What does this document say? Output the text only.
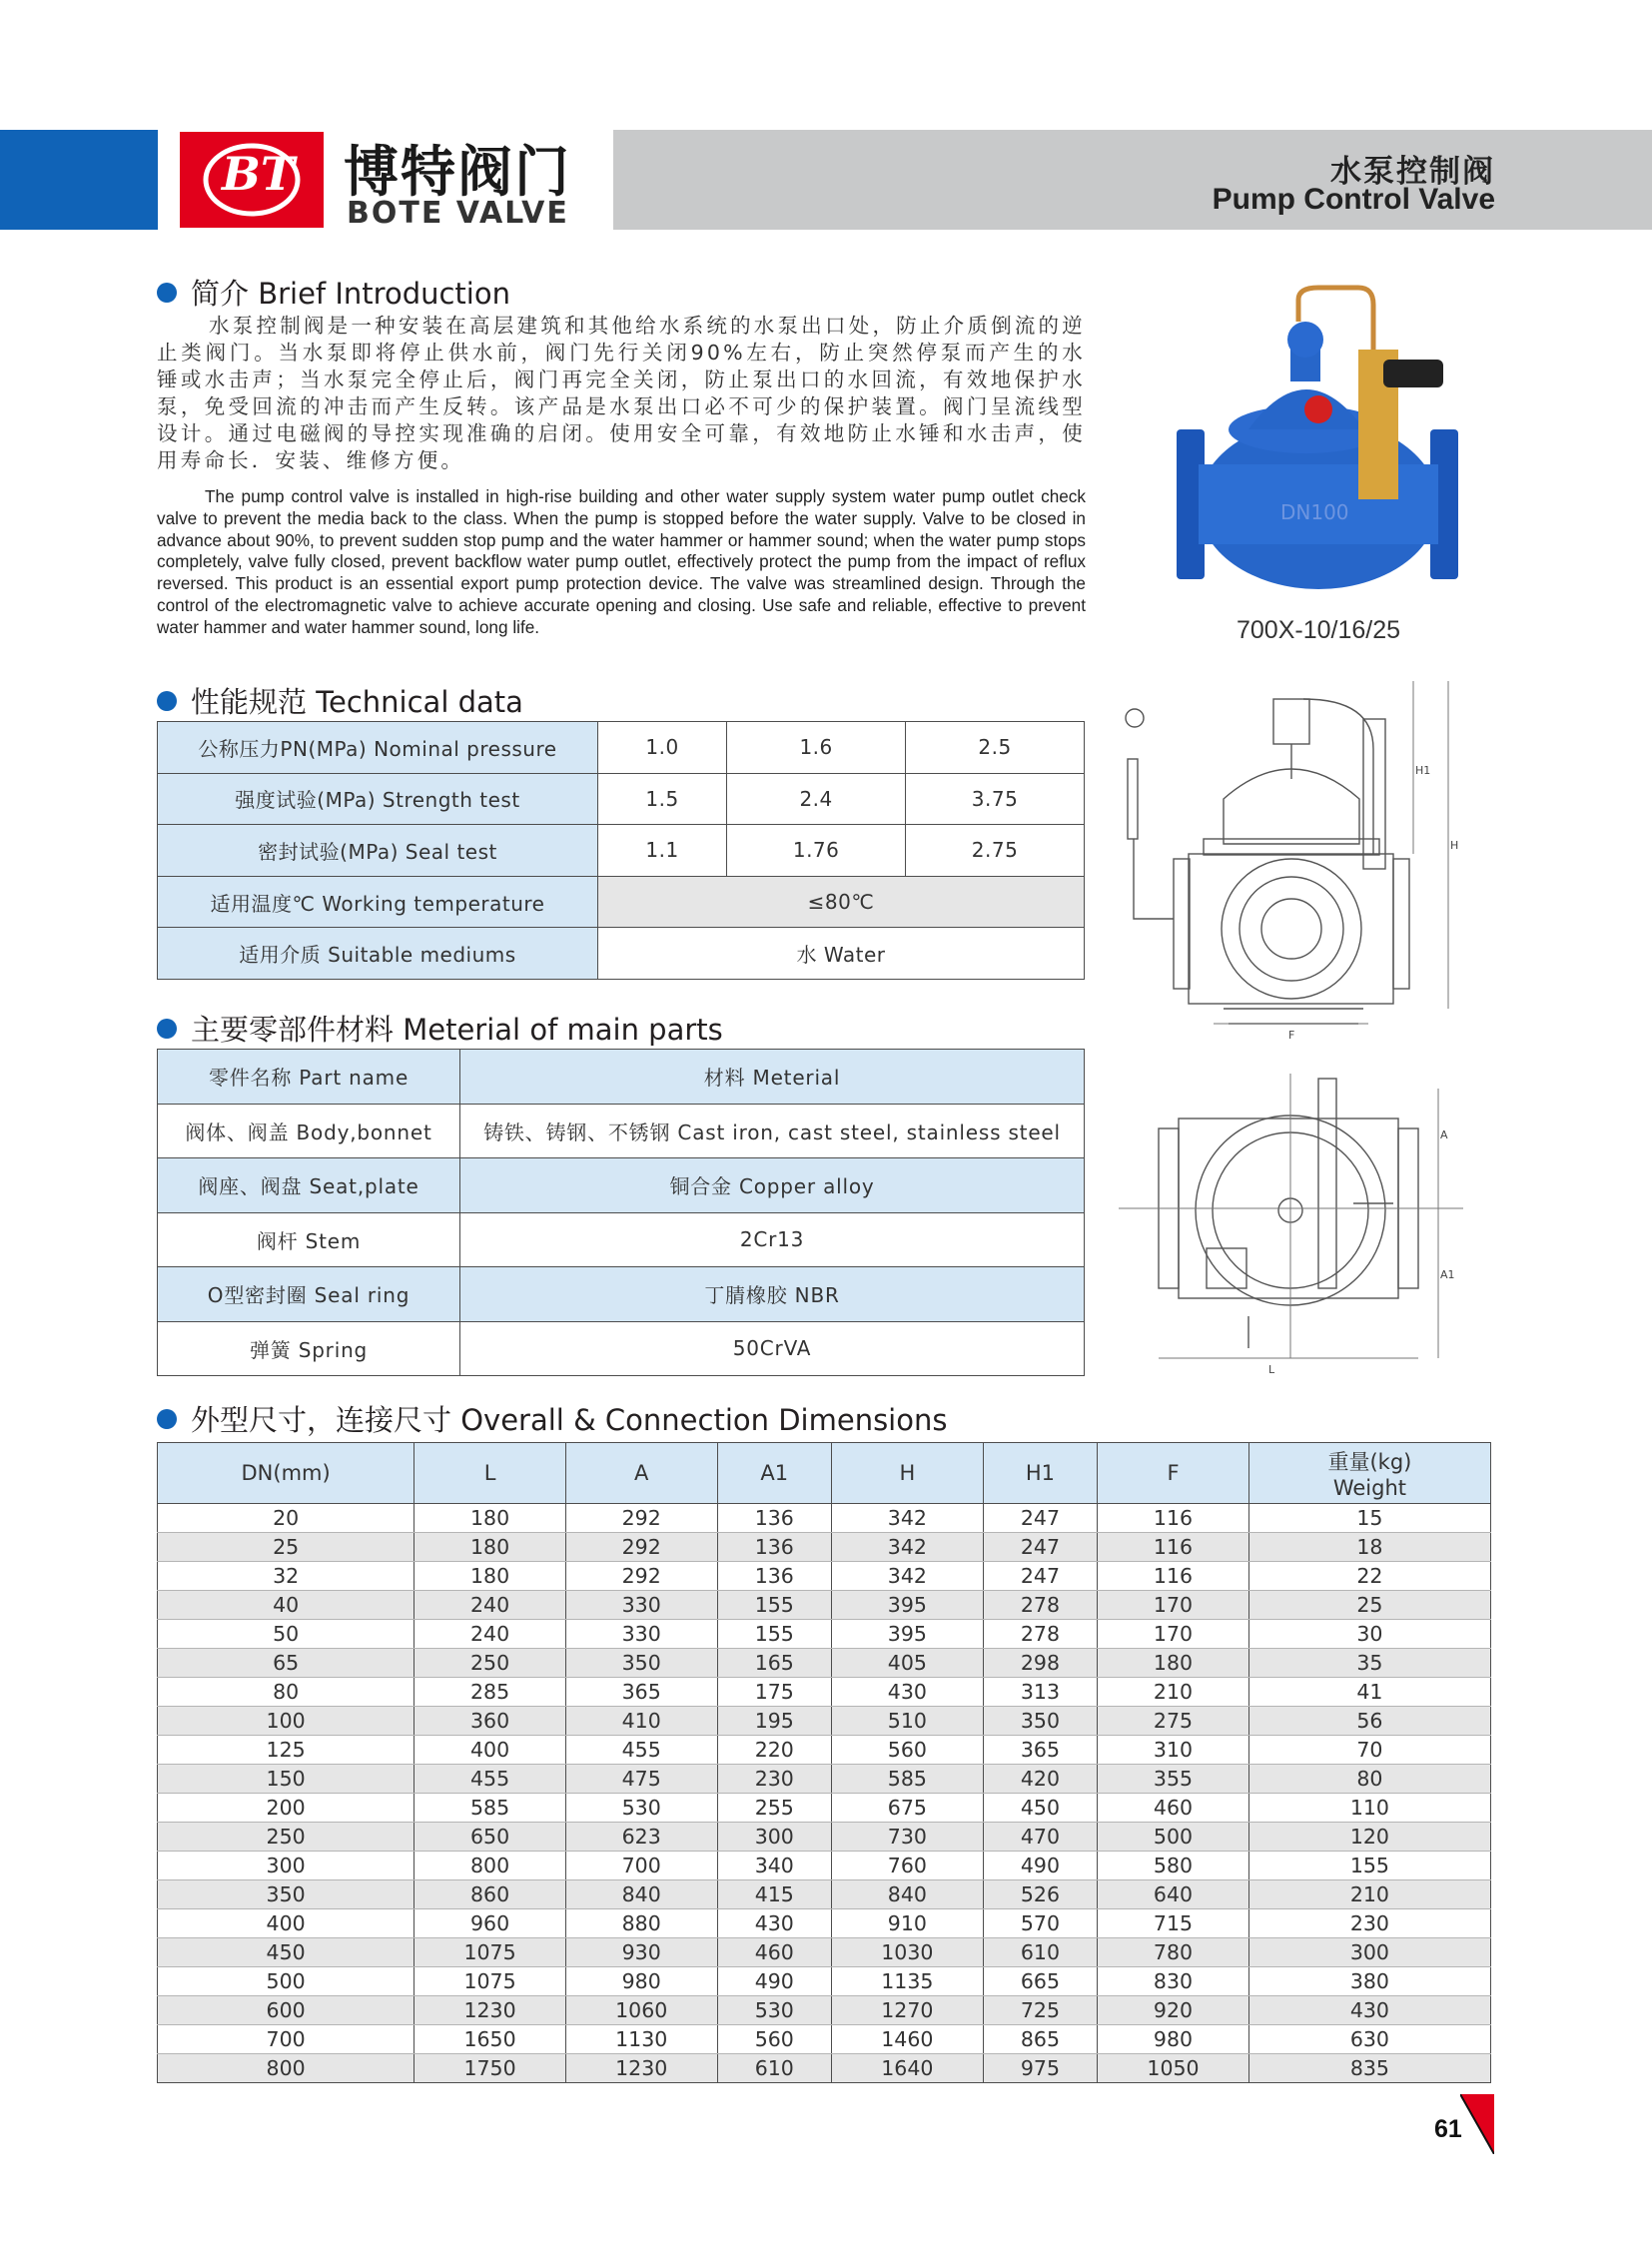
BT 博特阀门
BOTE VALVE
水泵控制阀
Pump Control Valve
简介 Brief Introduction
水泵控制阀是一种安装在高层建筑和其他给水系统的水泵出口处，防止介质倒流的逆止类阀门。当水泵即将停止供水前，阀门先行关闭90%左右，防止突然停泵而产生的水锤或水击声；当水泵完全停止后，阀门再完全关闭，防止泵出口的水回流，有效地保护水泵，免受回流的冲击而产生反转。该产品是水泵出口必不可少的保护装置。阀门呈流线型设计。通过电磁阀的导控实现准确的启闭。使用安全可靠，有效地防止水锤和水击声，使用寿命长．安装、维修方便。
The pump control valve is installed in high-rise building and other water supply system water pump outlet check valve to prevent the media back to the class. When the pump is stopped before the water supply. Valve to be closed in advance about 90%, to prevent sudden stop pump and the water hammer or hammer sound; when the water pump stops completely, valve fully closed, prevent backflow water pump outlet, effectively protect the pump from the impact of reflux reversed. This product is an essential export pump protection device. The valve was streamlined design. Through the control of the electromagnetic valve to achieve accurate opening and closing. Use safe and reliable, effective to prevent water hammer and water hammer sound, long life.
DN100
700X-10/16/25
性能规范 Technical data
公称压力PN(MPa) Nominal pressure	1.0	1.6	2.5
强度试验(MPa) Strength test	1.5	2.4	3.75
密封试验(MPa) Seal test	1.1	1.76	2.75
适用温度℃ Working temperature	≤80℃		
适用介质 Suitable mediums	水 Water		
主要零部件材料 Meterial of main parts
零件名称 Part name	材料 Meterial
阀体、阀盖 Body,bonnet	铸铁、铸钢、不锈钢 Cast iron, cast steel, stainless steel
阀座、阀盘 Seat,plate	铜合金 Copper alloy
阀杆 Stem	2Cr13
O型密封圈 Seal ring	丁腈橡胶 NBR
弹簧 Spring	50CrVA
H1
H
F
A
A1
L
外型尺寸，连接尺寸 Overall & Connection Dimensions
DN(mm)	L	A	A1	H	H1	F	重量(kg)
Weight

20	180	292	136	342	247	116	15
25	180	292	136	342	247	116	18
32	180	292	136	342	247	116	22
40	240	330	155	395	278	170	25
50	240	330	155	395	278	170	30
65	250	350	165	405	298	180	35
80	285	365	175	430	313	210	41
100	360	410	195	510	350	275	56
125	400	455	220	560	365	310	70
150	455	475	230	585	420	355	80
200	585	530	255	675	450	460	110
250	650	623	300	730	470	500	120
300	800	700	340	760	490	580	155
350	860	840	415	840	526	640	210
400	960	880	430	910	570	715	230
450	1075	930	460	1030	610	780	300
500	1075	980	490	1135	665	830	380
600	1230	1060	530	1270	725	920	430
700	1650	1130	560	1460	865	980	630
800	1750	1230	610	1640	975	1050	835
61
